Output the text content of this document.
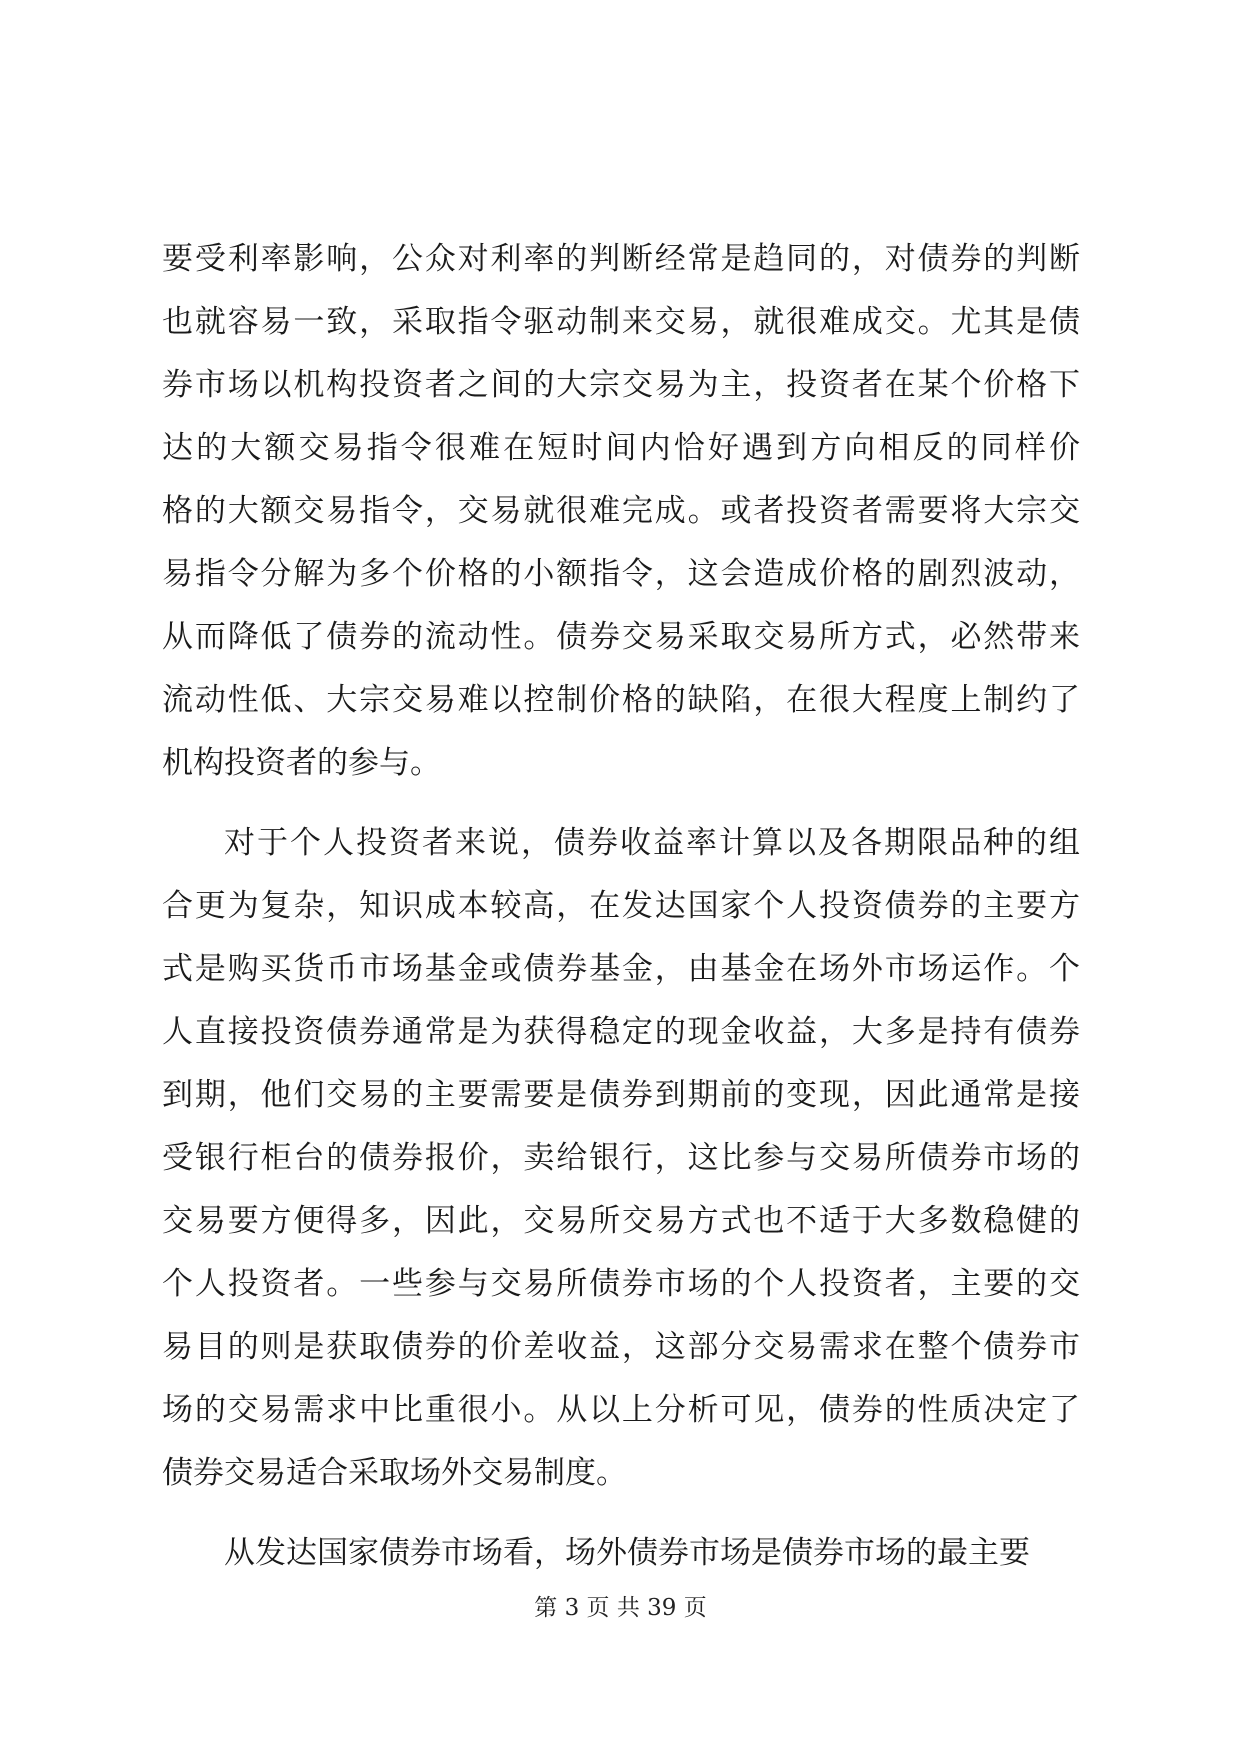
要受利率影响，公众对利率的判断经常是趋同的，对债券的判断
也就容易一致，采取指令驱动制来交易，就很难成交。尤其是债
券市场以机构投资者之间的大宗交易为主，投资者在某个价格下
达的大额交易指令很难在短时间内恰好遇到方向相反的同样价
格的大额交易指令，交易就很难完成。或者投资者需要将大宗交
易指令分解为多个价格的小额指令，这会造成价格的剧烈波动，
从而降低了债券的流动性。债券交易采取交易所方式，必然带来
流动性低、大宗交易难以控制价格的缺陷，在很大程度上制约了
机构投资者的参与。
对于个人投资者来说，债券收益率计算以及各期限品种的组
合更为复杂，知识成本较高，在发达国家个人投资债券的主要方
式是购买货币市场基金或债券基金，由基金在场外市场运作。个
人直接投资债券通常是为获得稳定的现金收益，大多是持有债券
到期，他们交易的主要需要是债券到期前的变现，因此通常是接
受银行柜台的债券报价，卖给银行，这比参与交易所债券市场的
交易要方便得多，因此，交易所交易方式也不适于大多数稳健的
个人投资者。一些参与交易所债券市场的个人投资者，主要的交
易目的则是获取债券的价差收益，这部分交易需求在整个债券市
场的交易需求中比重很小。从以上分析可见，债券的性质决定了
债券交易适合采取场外交易制度。
从发达国家债券市场看，场外债券市场是债券市场的最主要
第 3 页 共 39 页
